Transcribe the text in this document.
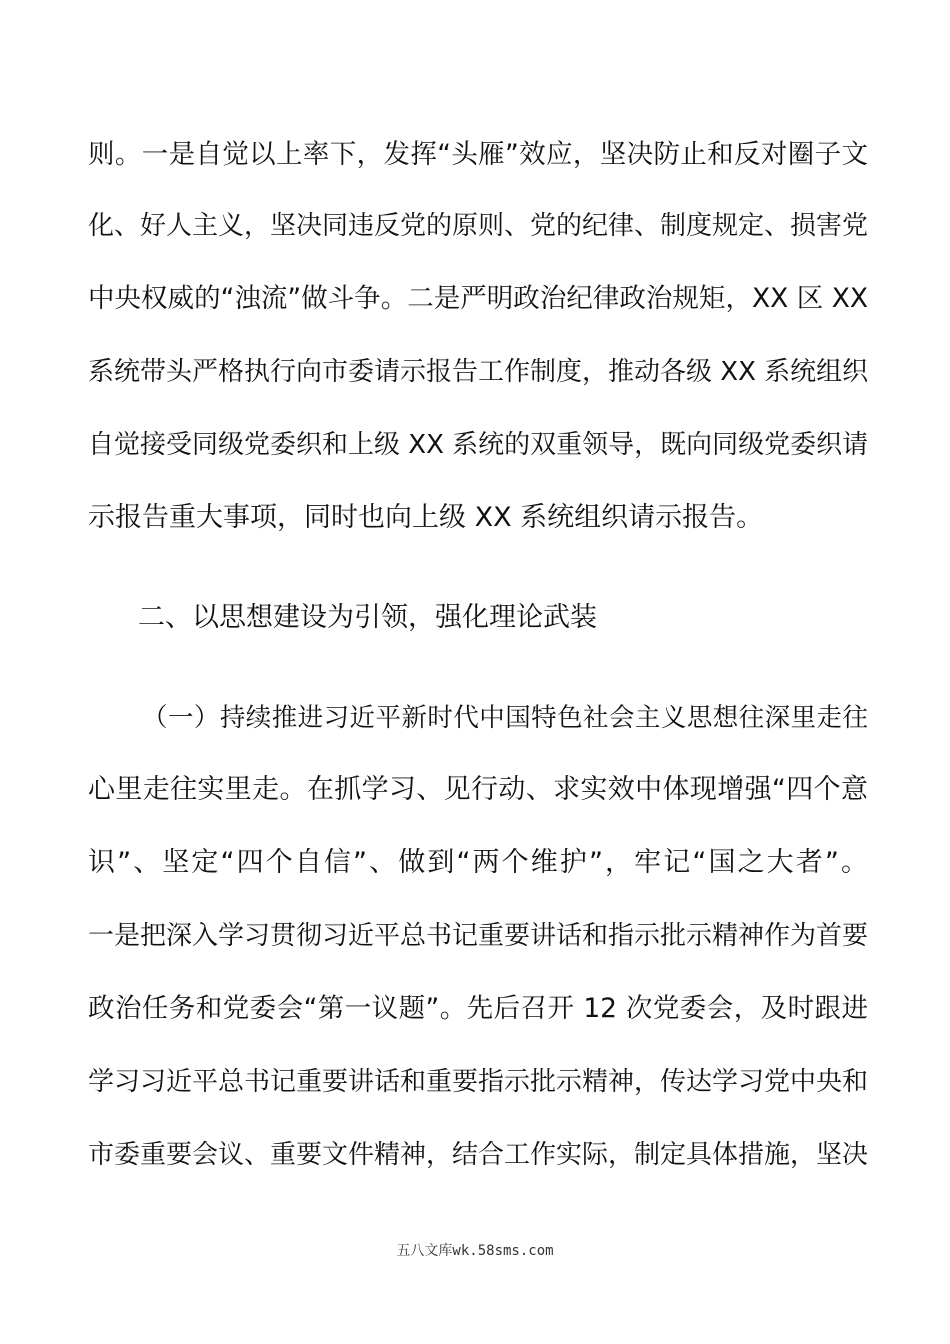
则。一是自觉以上率下，发挥“头雁”效应，坚决防止和反对圈子文
化、好人主义，坚决同违反党的原则、党的纪律、制度规定、损害党
中央权威的“浊流”做斗争。二是严明政治纪律政治规矩，XX 区 XX
系统带头严格执行向市委请示报告工作制度，推动各级 XX 系统组织
自觉接受同级党委织和上级 XX 系统的双重领导，既向同级党委织请
示报告重大事项，同时也向上级 XX 系统组织请示报告。
二、以思想建设为引领，强化理论武装
（一）持续推进习近平新时代中国特色社会主义思想往深里走往
心里走往实里走。在抓学习、见行动、求实效中体现增强“四个意
识”、坚定“四个自信”、做到“两个维护”，牢记“国之大者”。
一是把深入学习贯彻习近平总书记重要讲话和指示批示精神作为首要
政治任务和党委会“第一议题”。先后召开 12 次党委会，及时跟进
学习习近平总书记重要讲话和重要指示批示精神，传达学习党中央和
市委重要会议、重要文件精神，结合工作实际，制定具体措施，坚决
五八文库wk.58sms.com
